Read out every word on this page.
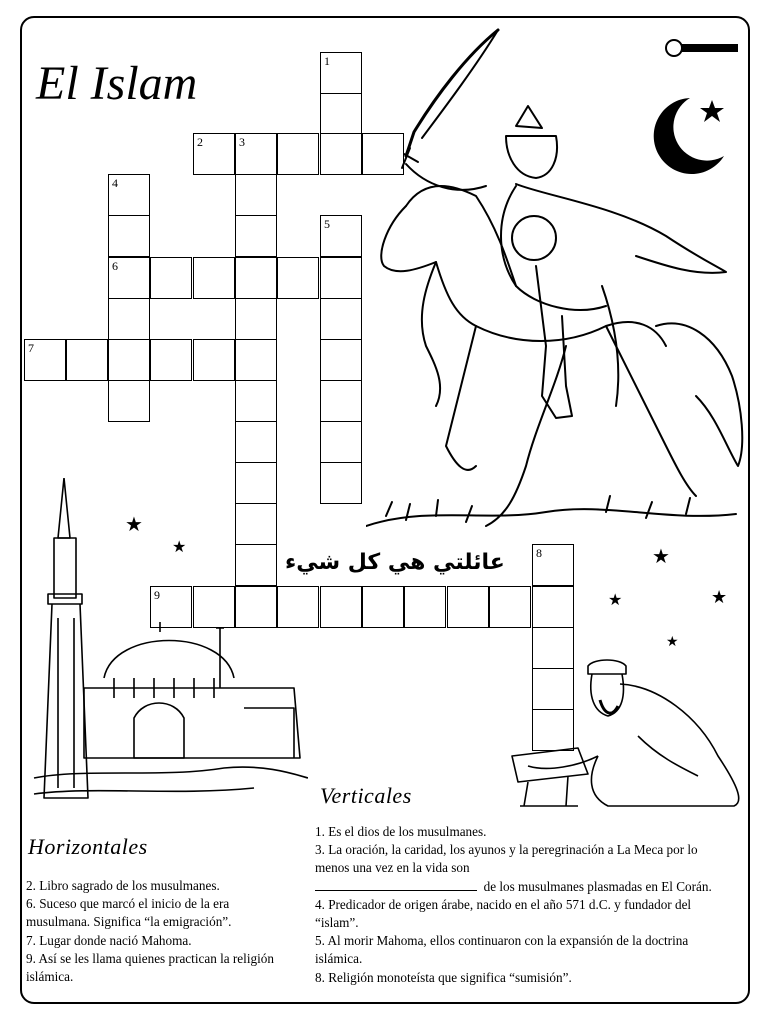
El Islam	1
2	3
4
6
5
7
9
8
عائلتي هي كل شيء
★
★	★
★	★
★
Verticales

1. Es el dios de los musulmanes.

3. La oración, la caridad, los ayunos y la peregrinación a La Meca por lo menos una vez en la vida son

de los musulmanes plasmadas en El Corán.

4. Predicador de origen árabe, nacido en el año 571 d.C. y fundador del “islam”.

5. Al morir Mahoma, ellos continuaron con la expansión de la doctrina islámica.

8. Religión monoteísta que significa “sumisión”.

Horizontales

2. Libro sagrado de los musulmanes.

6. Suceso que marcó el inicio de la era musulmana. Significa “la emigración”.

7. Lugar donde nació Mahoma.

9. Así se les llama quienes practican la religión islámica.
